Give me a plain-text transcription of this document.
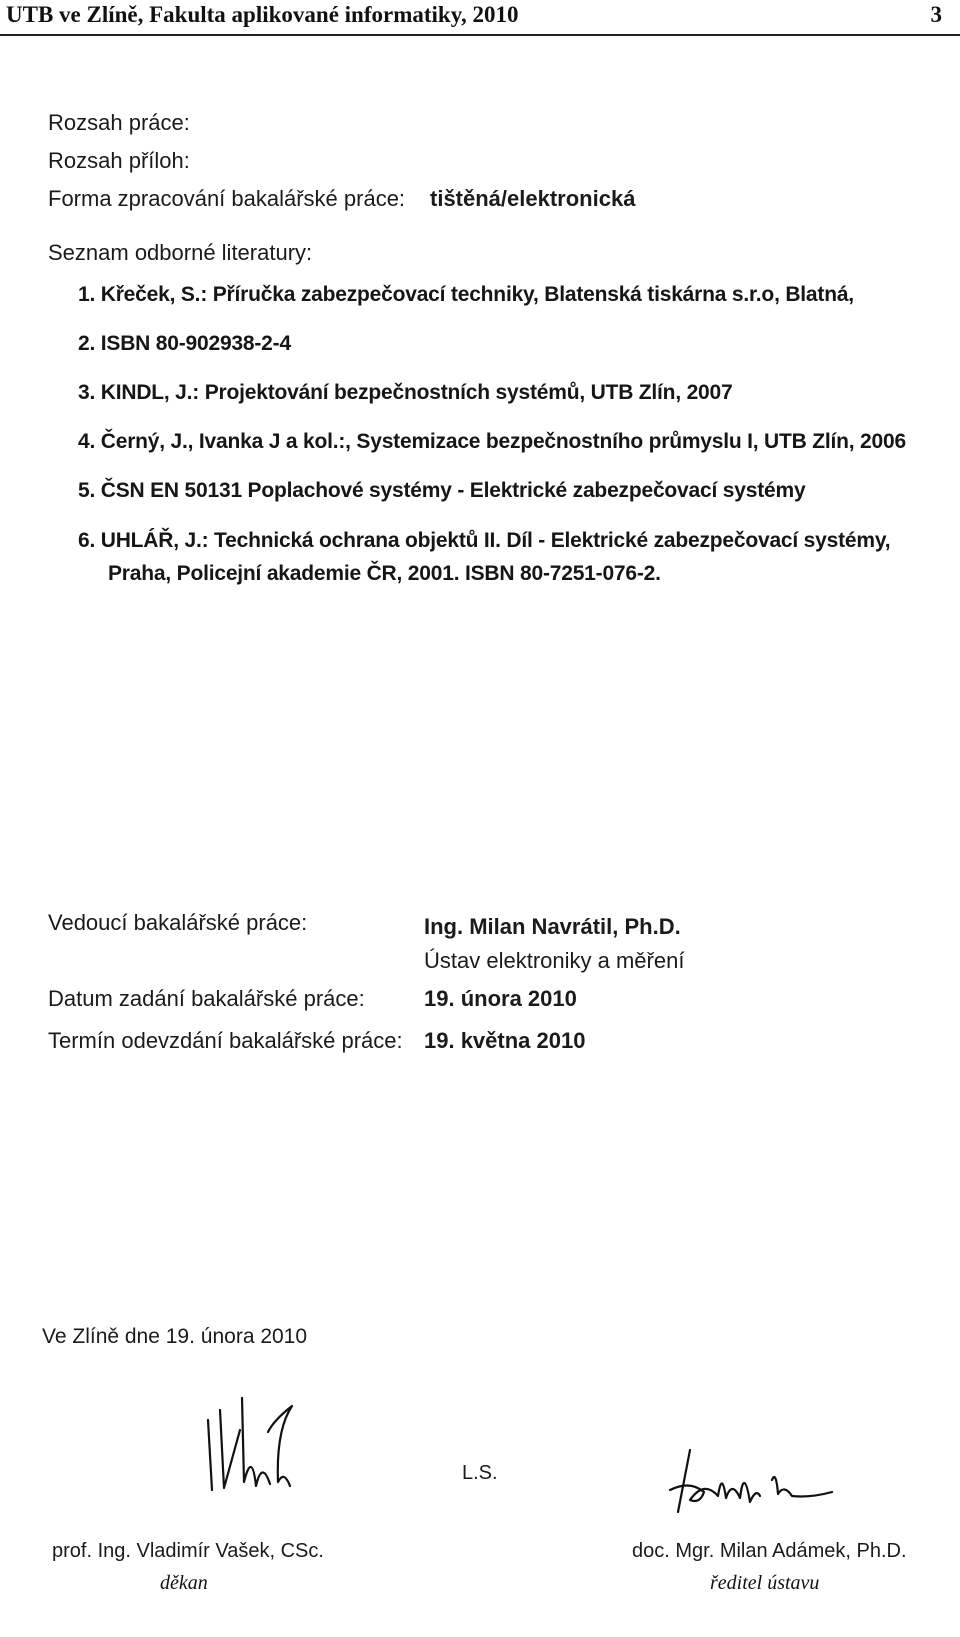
UTB ve Zlíně, Fakulta aplikované informatiky, 2010	3
Rozsah práce:
Rozsah příloh:
Forma zpracování bakalářské práce: tištěná/elektronická
Seznam odborné literatury:
1. Křeček, S.: Příručka zabezpečovací techniky, Blatenská tiskárna s.r.o, Blatná,
2. ISBN 80-902938-2-4
3. KINDL, J.: Projektování bezpečnostních systémů, UTB Zlín, 2007
4. Černý, J., Ivanka J a kol.:, Systemizace bezpečnostního průmyslu I, UTB Zlín, 2006
5. ČSN EN 50131 Poplachové systémy - Elektrické zabezpečovací systémy
6. UHLÁŘ, J.: Technická ochrana objektů II. Díl - Elektrické zabezpečovací systémy,
Praha, Policejní akademie ČR, 2001. ISBN 80-7251-076-2.
Vedoucí bakalářské práce:	Ing. Milan Navrátil, Ph.D.
Ústav elektroniky a měření
Datum zadání bakalářské práce:	19. února 2010
Termín odevzdání bakalářské práce: 19. května 2010
Ve Zlíně dne 19. února 2010
L.S.
prof. Ing. Vladimír Vašek, CSc.
děkan
doc. Mgr. Milan Adámek, Ph.D.
ředitel ústavu
